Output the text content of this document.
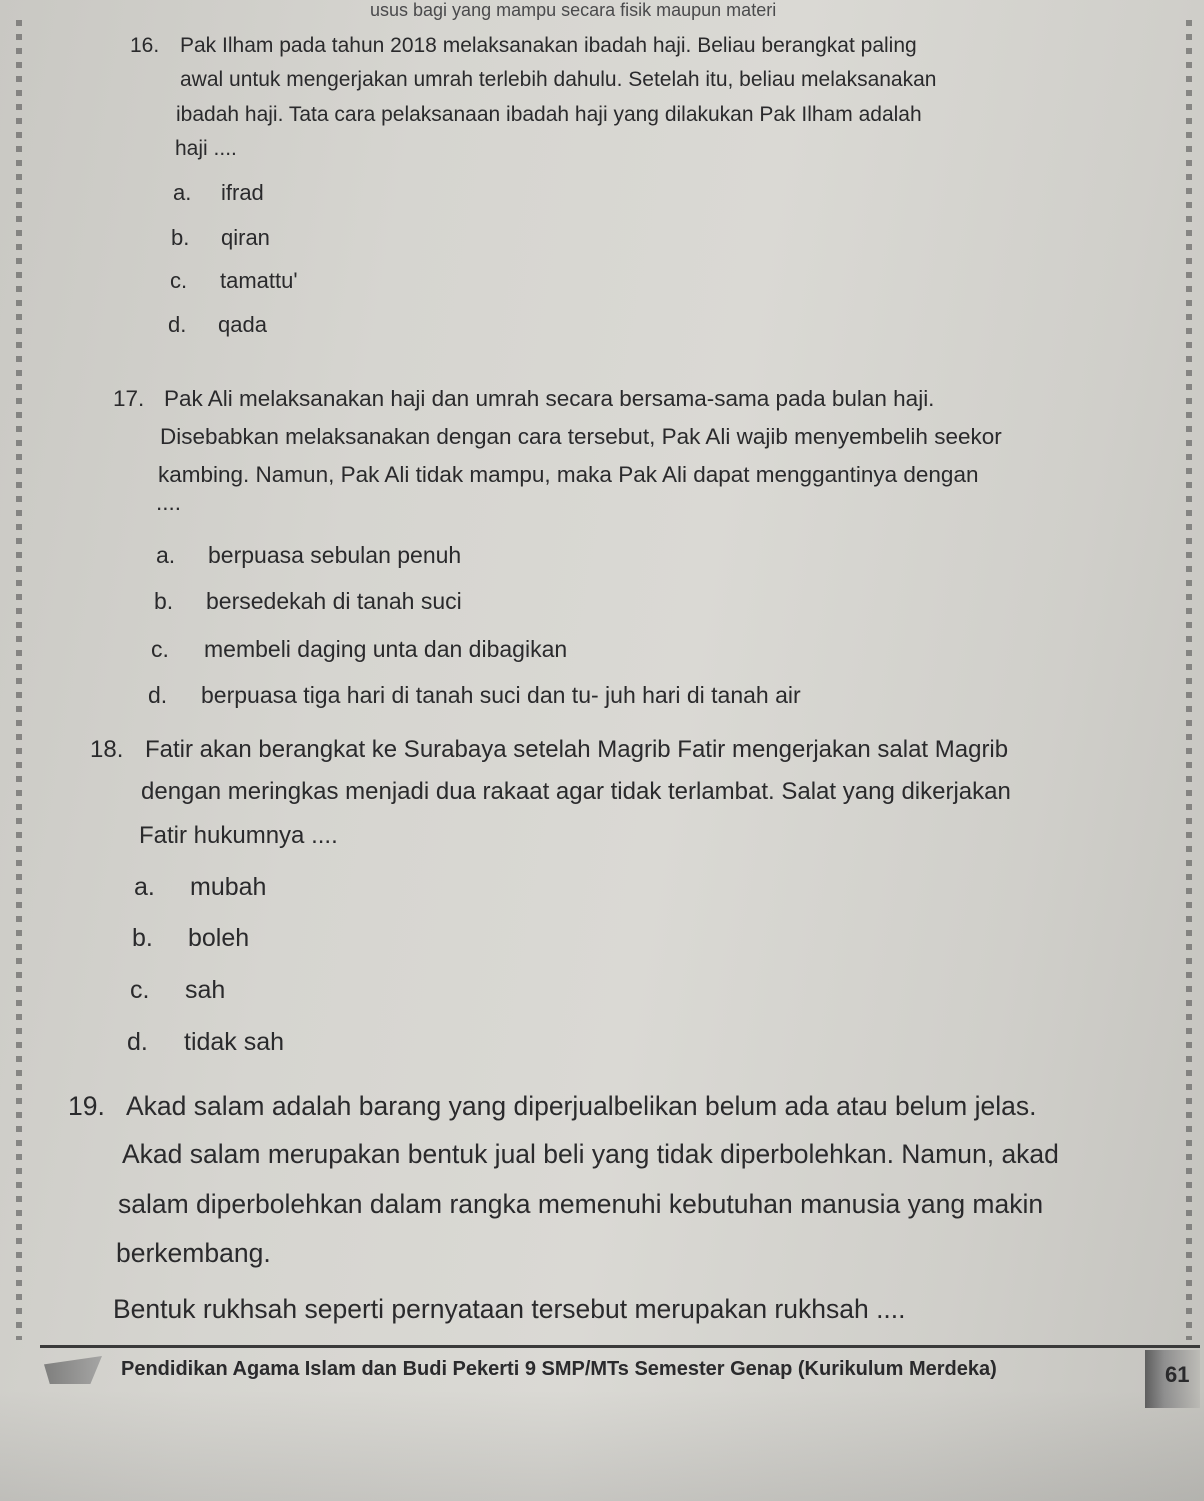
usus bagi yang mampu secara fisik maupun materi

16. Pak Ilham pada tahun 2018 melaksanakan ibadah haji. Beliau berangkat paling

awal untuk mengerjakan umrah terlebih dahulu. Setelah itu, beliau melaksanakan

ibadah haji. Tata cara pelaksanaan ibadah haji yang dilakukan Pak Ilham adalah

haji ....

a. ifrad

b. qiran

c. tamattu'

d. qada

17. Pak Ali melaksanakan haji dan umrah secara bersama-sama pada bulan haji.

Disebabkan melaksanakan dengan cara tersebut, Pak Ali wajib menyembelih seekor

kambing. Namun, Pak Ali tidak mampu, maka Pak Ali dapat menggantinya dengan

....

a. berpuasa sebulan penuh

b. bersedekah di tanah suci

c. membeli daging unta dan dibagikan

d. berpuasa tiga hari di tanah suci dan tu- juh hari di tanah air

18. Fatir akan berangkat ke Surabaya setelah Magrib Fatir mengerjakan salat Magrib

dengan meringkas menjadi dua rakaat agar tidak terlambat. Salat yang dikerjakan

Fatir hukumnya ....

a. mubah

b. boleh

c. sah

d. tidak sah

19. Akad salam adalah barang yang diperjualbelikan belum ada atau belum jelas.

Akad salam merupakan bentuk jual beli yang tidak diperbolehkan. Namun, akad

salam diperbolehkan dalam rangka memenuhi kebutuhan manusia yang makin

berkembang.

Bentuk rukhsah seperti pernyataan tersebut merupakan rukhsah ....

Pendidikan Agama Islam dan Budi Pekerti 9 SMP/MTs Semester Genap (Kurikulum Merdeka)	61
